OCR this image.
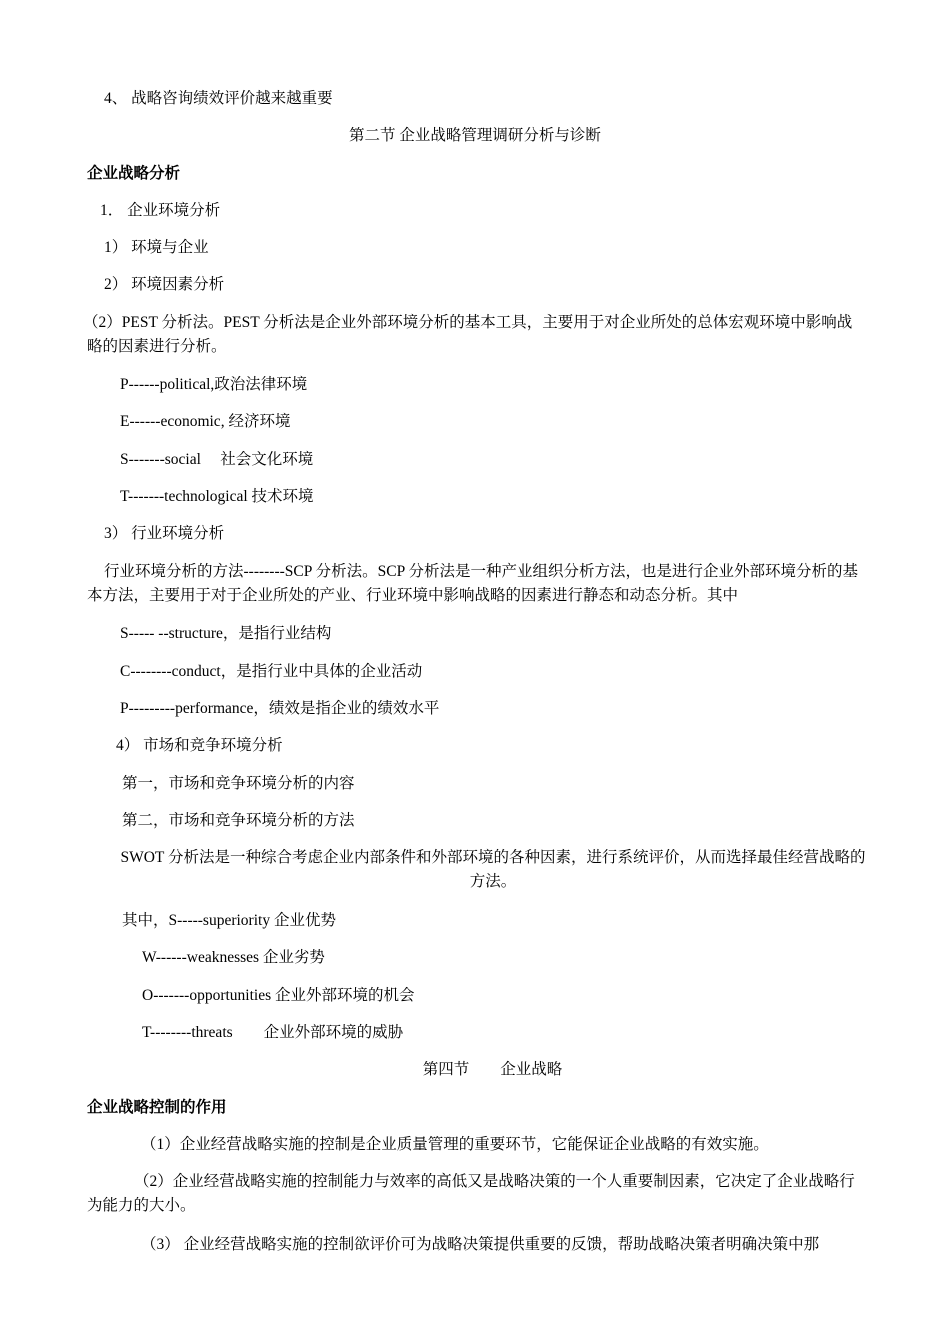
4、 战略咨询绩效评价越来越重要
第二节 企业战略管理调研分析与诊断
企业战略分析
1． 企业环境分析
1） 环境与企业
2） 环境因素分析
（2）PEST 分析法。PEST 分析法是企业外部环境分析的基本工具，主要用于对企业所处的总体宏观环境中影响战略的因素进行分析。
P------political,政治法律环境
E------economic, 经济环境
S-------social　 社会文化环境
T-------technological 技术环境
3） 行业环境分析
行业环境分析的方法--------SCP 分析法。SCP 分析法是一种产业组织分析方法，也是进行企业外部环境分析的基本方法，主要用于对于企业所处的产业、行业环境中影响战略的因素进行静态和动态分析。其中
S----- --structure，是指行业结构
C--------conduct，是指行业中具体的企业活动
P---------performance，绩效是指企业的绩效水平
4） 市场和竞争环境分析
第一，市场和竞争环境分析的内容
第二，市场和竞争环境分析的方法
SWOT 分析法是一种综合考虑企业内部条件和外部环境的各种因素，进行系统评价，从而选择最佳经营战略的方法。
其中，S-----superiority 企业优势
W------weaknesses 企业劣势
O-------opportunities 企业外部环境的机会
T--------threats　　企业外部环境的威胁
第四节　　企业战略
企业战略控制的作用
（1）企业经营战略实施的控制是企业质量管理的重要环节，它能保证企业战略的有效实施。
（2）企业经营战略实施的控制能力与效率的高低又是战略决策的一个人重要制因素，它决定了企业战略行为能力的大小。
（3） 企业经营战略实施的控制欲评价可为战略决策提供重要的反馈，帮助战略决策者明确决策中那
